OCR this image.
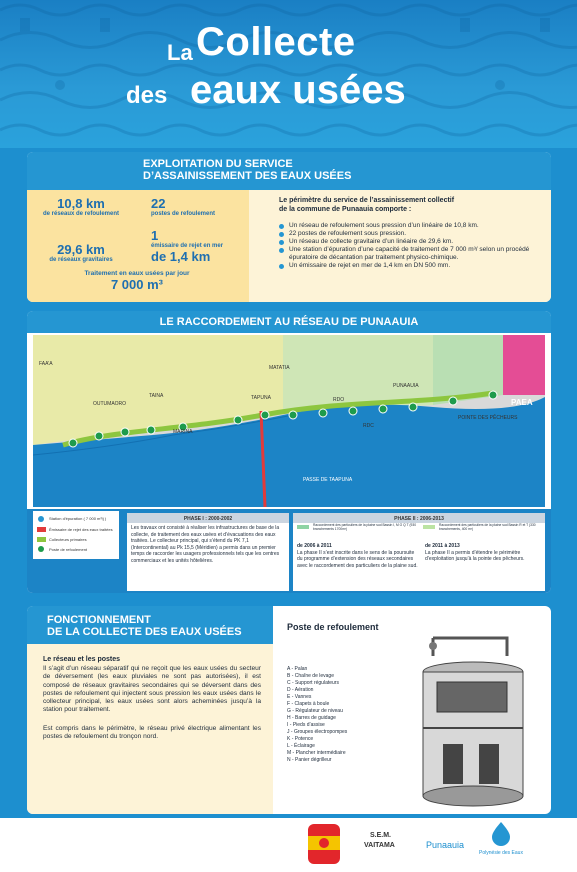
La Collecte
des eaux usées
EXPLOITATION DU SERVICE
D’ASSAINISSEMENT DES EAUX USÉES
10,8 km
de réseaux de refoulement
22
postes de refoulement
29,6 km
de réseaux gravitaires
1
émissaire de rejet en mer
de 1,4 km
Traitement en eaux usées par jour
7 000 m³
Le périmètre du service de l’assainissement collectif
de la commune de Punaauia comporte :
Un réseau de refoulement sous pression d’un linéaire de 10,8 km.
22 postes de refoulement sous pression.
Un réseau de collecte gravitaire d’un linéaire de 29,6 km.
Une station d’épuration d’une capacité de traitement de 7 000 m³/ selon un procédé épuratoire de décantation par traitement physico-chimique.
Un émissaire de rejet en mer de 1,4 km en DN 500 mm.
LE RACCORDEMENT AU RÉSEAU DE PUNAAUIA
FAA’A
OUTUMAORO
TAINA
MARINA
MATATIA
TAPUNA
PUNAAUIA
POINTE DES PÊCHEURS
PASSE DE TAAPUNA
RDO
RDC
PAEA
Station d’épuration ( 7 000 m³/j )
Émissaire de rejet des eaux traitées
Collecteurs primaires
Poste de refoulement
PHASE I : 2000-2002	PHASE II : 2006-2013
Les travaux ont consisté à réaliser les infrastructures de base de la collecte, de traitement des eaux usées et d’évacuations des eaux traitées. Le collecteur principal, qui s’étend du PK 7,1 (Intercontinental) au Pk 15,5 (Méridien) a permis dans un premier temps de raccorder les usagers professionnels tels que les centres commerciaux et les unités hôtelières.
Raccordement des particuliers de la plaine sud Bassin I, M O Q T (930 branchements 1700m³)
Raccordement des particuliers de la plaine sud Bassin R et T (330 branchements, 400 m³)
de 2006 à 2011
La phase II s’est inscrite dans le sens de la poursuite du programme d’extension des réseaux secondaires avec le raccordement des particuliers de la plaine sud.
de 2011 à 2013
La phase II a permis d’étendre le périmètre d’exploitation jusqu’à la pointe des pêcheurs.
FONCTIONNEMENT
DE LA COLLECTE DES EAUX USÉES
Le réseau et les postes

Il s’agit d’un réseau séparatif qui ne reçoit que les eaux usées du secteur de déversement (les eaux pluviales ne sont pas autorisées), il est composé de réseaux gravitaires secondaires qui se déversent dans des postes de refoulement qui injectent sous pression les eaux usées dans le collecteur principal, les eaux usées sont alors acheminées jusqu’à la station pour traitement.

Est compris dans le périmètre, le réseau privé électrique alimentant les postes de refoulement du tronçon nord.

Poste de refoulement
A - Palan
B - Chaîne de levage
C - Support régulateurs
D - Aération
E - Vannes
F - Clapets à boule
G - Régulateur de niveau
H - Barres de guidage
I - Pieds d’assise
J - Groupes électropompes
K - Potence
L - Éclairage
M - Plancher intermédiaire
N - Panier dégrilleur
S.E.M.
VAITAMA	Punaauia
Polynésie des Eaux
